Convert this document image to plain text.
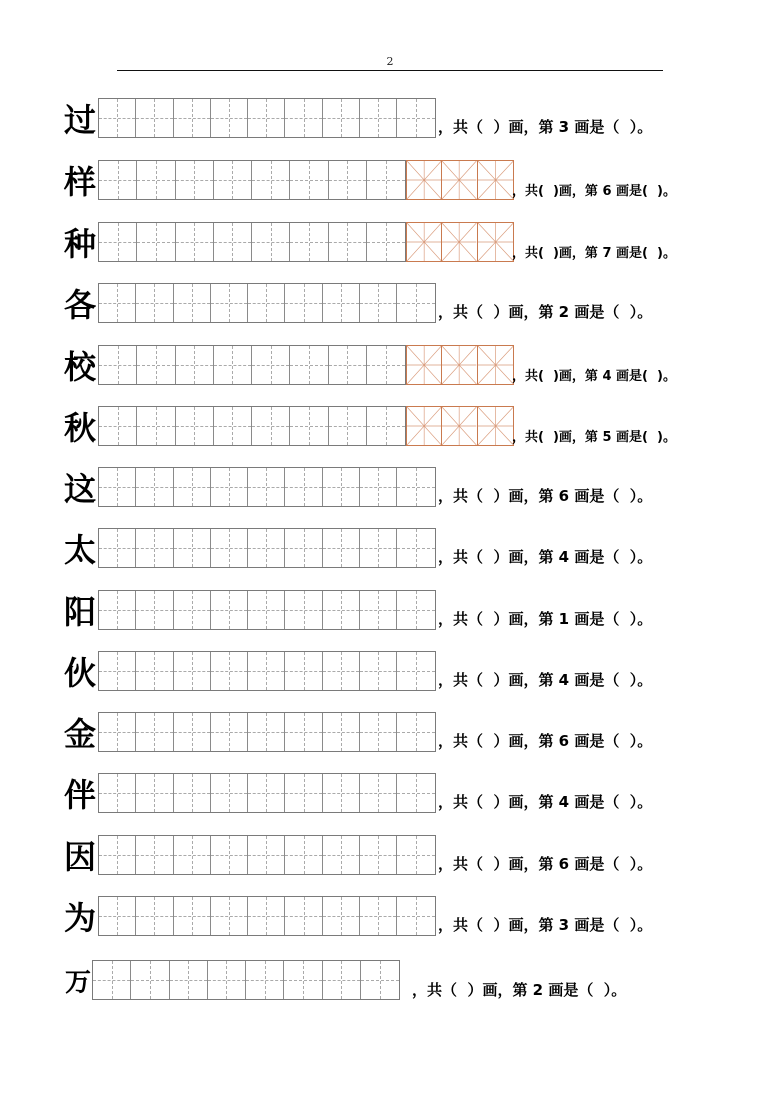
2
过	，共（  ）画，第 3 画是（  ）。
样	，共(  )画，第 6 画是(  )。
种	，共(  )画，第 7 画是(  )。
各	，共（  ）画，第 2 画是（  ）。
校	，共(  )画，第 4 画是(  )。
秋	，共(  )画，第 5 画是(  )。
这	，共（  ）画，第 6 画是（  ）。
太	，共（  ）画，第 4 画是（  ）。
阳	，共（  ）画，第 1 画是（  ）。
伙	，共（  ）画，第 4 画是（  ）。
金	，共（  ）画，第 6 画是（  ）。
伴	，共（  ）画，第 4 画是（  ）。
因	，共（  ）画，第 6 画是（  ）。
为	，共（  ）画，第 3 画是（  ）。
万	，共（  ）画，第 2 画是（  ）。
